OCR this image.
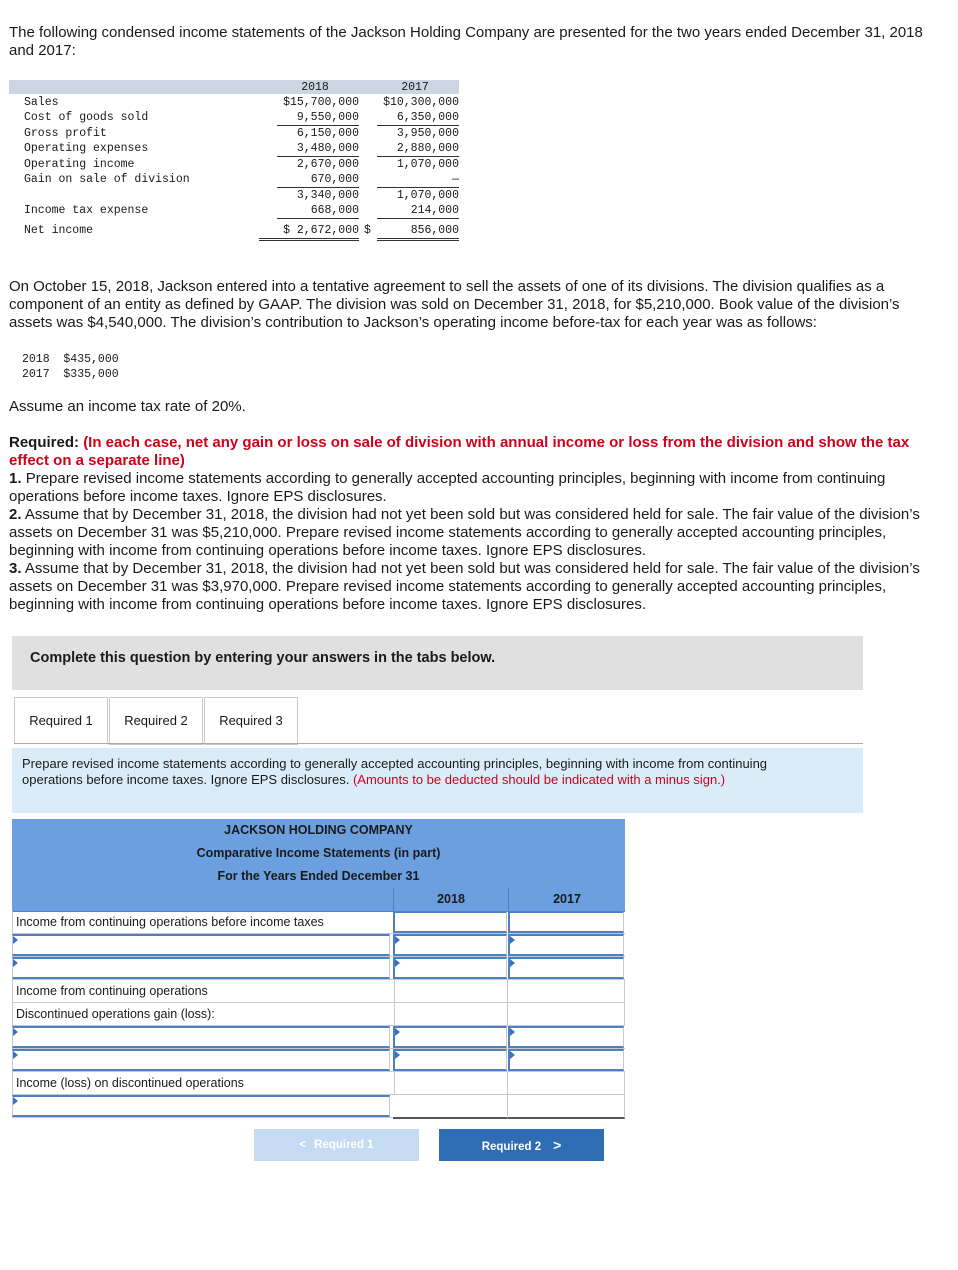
The following condensed income statements of the Jackson Holding Company are presented for the two years ended December 31, 2018 and 2017:

2018	2017
Sales	$15,700,000	$10,300,000
Cost of goods sold	9,550,000	6,350,000
Gross profit	6,150,000	3,950,000
Operating expenses	3,480,000	2,880,000
Operating income	2,670,000	1,070,000
Gain on sale of division	670,000	—
3,340,000	1,070,000
Income tax expense	668,000	214,000
Net income	$ 2,672,000 $	856,000

On October 15, 2018, Jackson entered into a tentative agreement to sell the assets of one of its divisions. The division qualifies as a component of an entity as defined by GAAP. The division was sold on December 31, 2018, for $5,210,000. Book value of the division’s assets was $4,540,000. The division’s contribution to Jackson’s operating income before-tax for each year was as follows:

2018  $435,000
2017  $335,000

Assume an income tax rate of 20%.

Required: (In each case, net any gain or loss on sale of division with annual income or loss from the division and show the tax effect on a separate line)
1. Prepare revised income statements according to generally accepted accounting principles, beginning with income from continuing operations before income taxes. Ignore EPS disclosures.
2. Assume that by December 31, 2018, the division had not yet been sold but was considered held for sale. The fair value of the division’s assets on December 31 was $5,210,000. Prepare revised income statements according to generally accepted accounting principles, beginning with income from continuing operations before income taxes. Ignore EPS disclosures.
3. Assume that by December 31, 2018, the division had not yet been sold but was considered held for sale. The fair value of the division’s assets on December 31 was $3,970,000. Prepare revised income statements according to generally accepted accounting principles, beginning with income from continuing operations before income taxes. Ignore EPS disclosures.
Complete this question by entering your answers in the tabs below.
Required 1	Required 2	Required 3
Prepare revised income statements according to generally accepted accounting principles, beginning with income from continuing operations before income taxes. Ignore EPS disclosures. (Amounts to be deducted should be indicated with a minus sign.)
JACKSON HOLDING COMPANY
Comparative Income Statements (in part)
For the Years Ended December 31
2018	2017
Income from continuing operations before income taxes
Income from continuing operations
Discontinued operations gain (loss):
Income (loss) on discontinued operations
< Required 1	Required 2 >
